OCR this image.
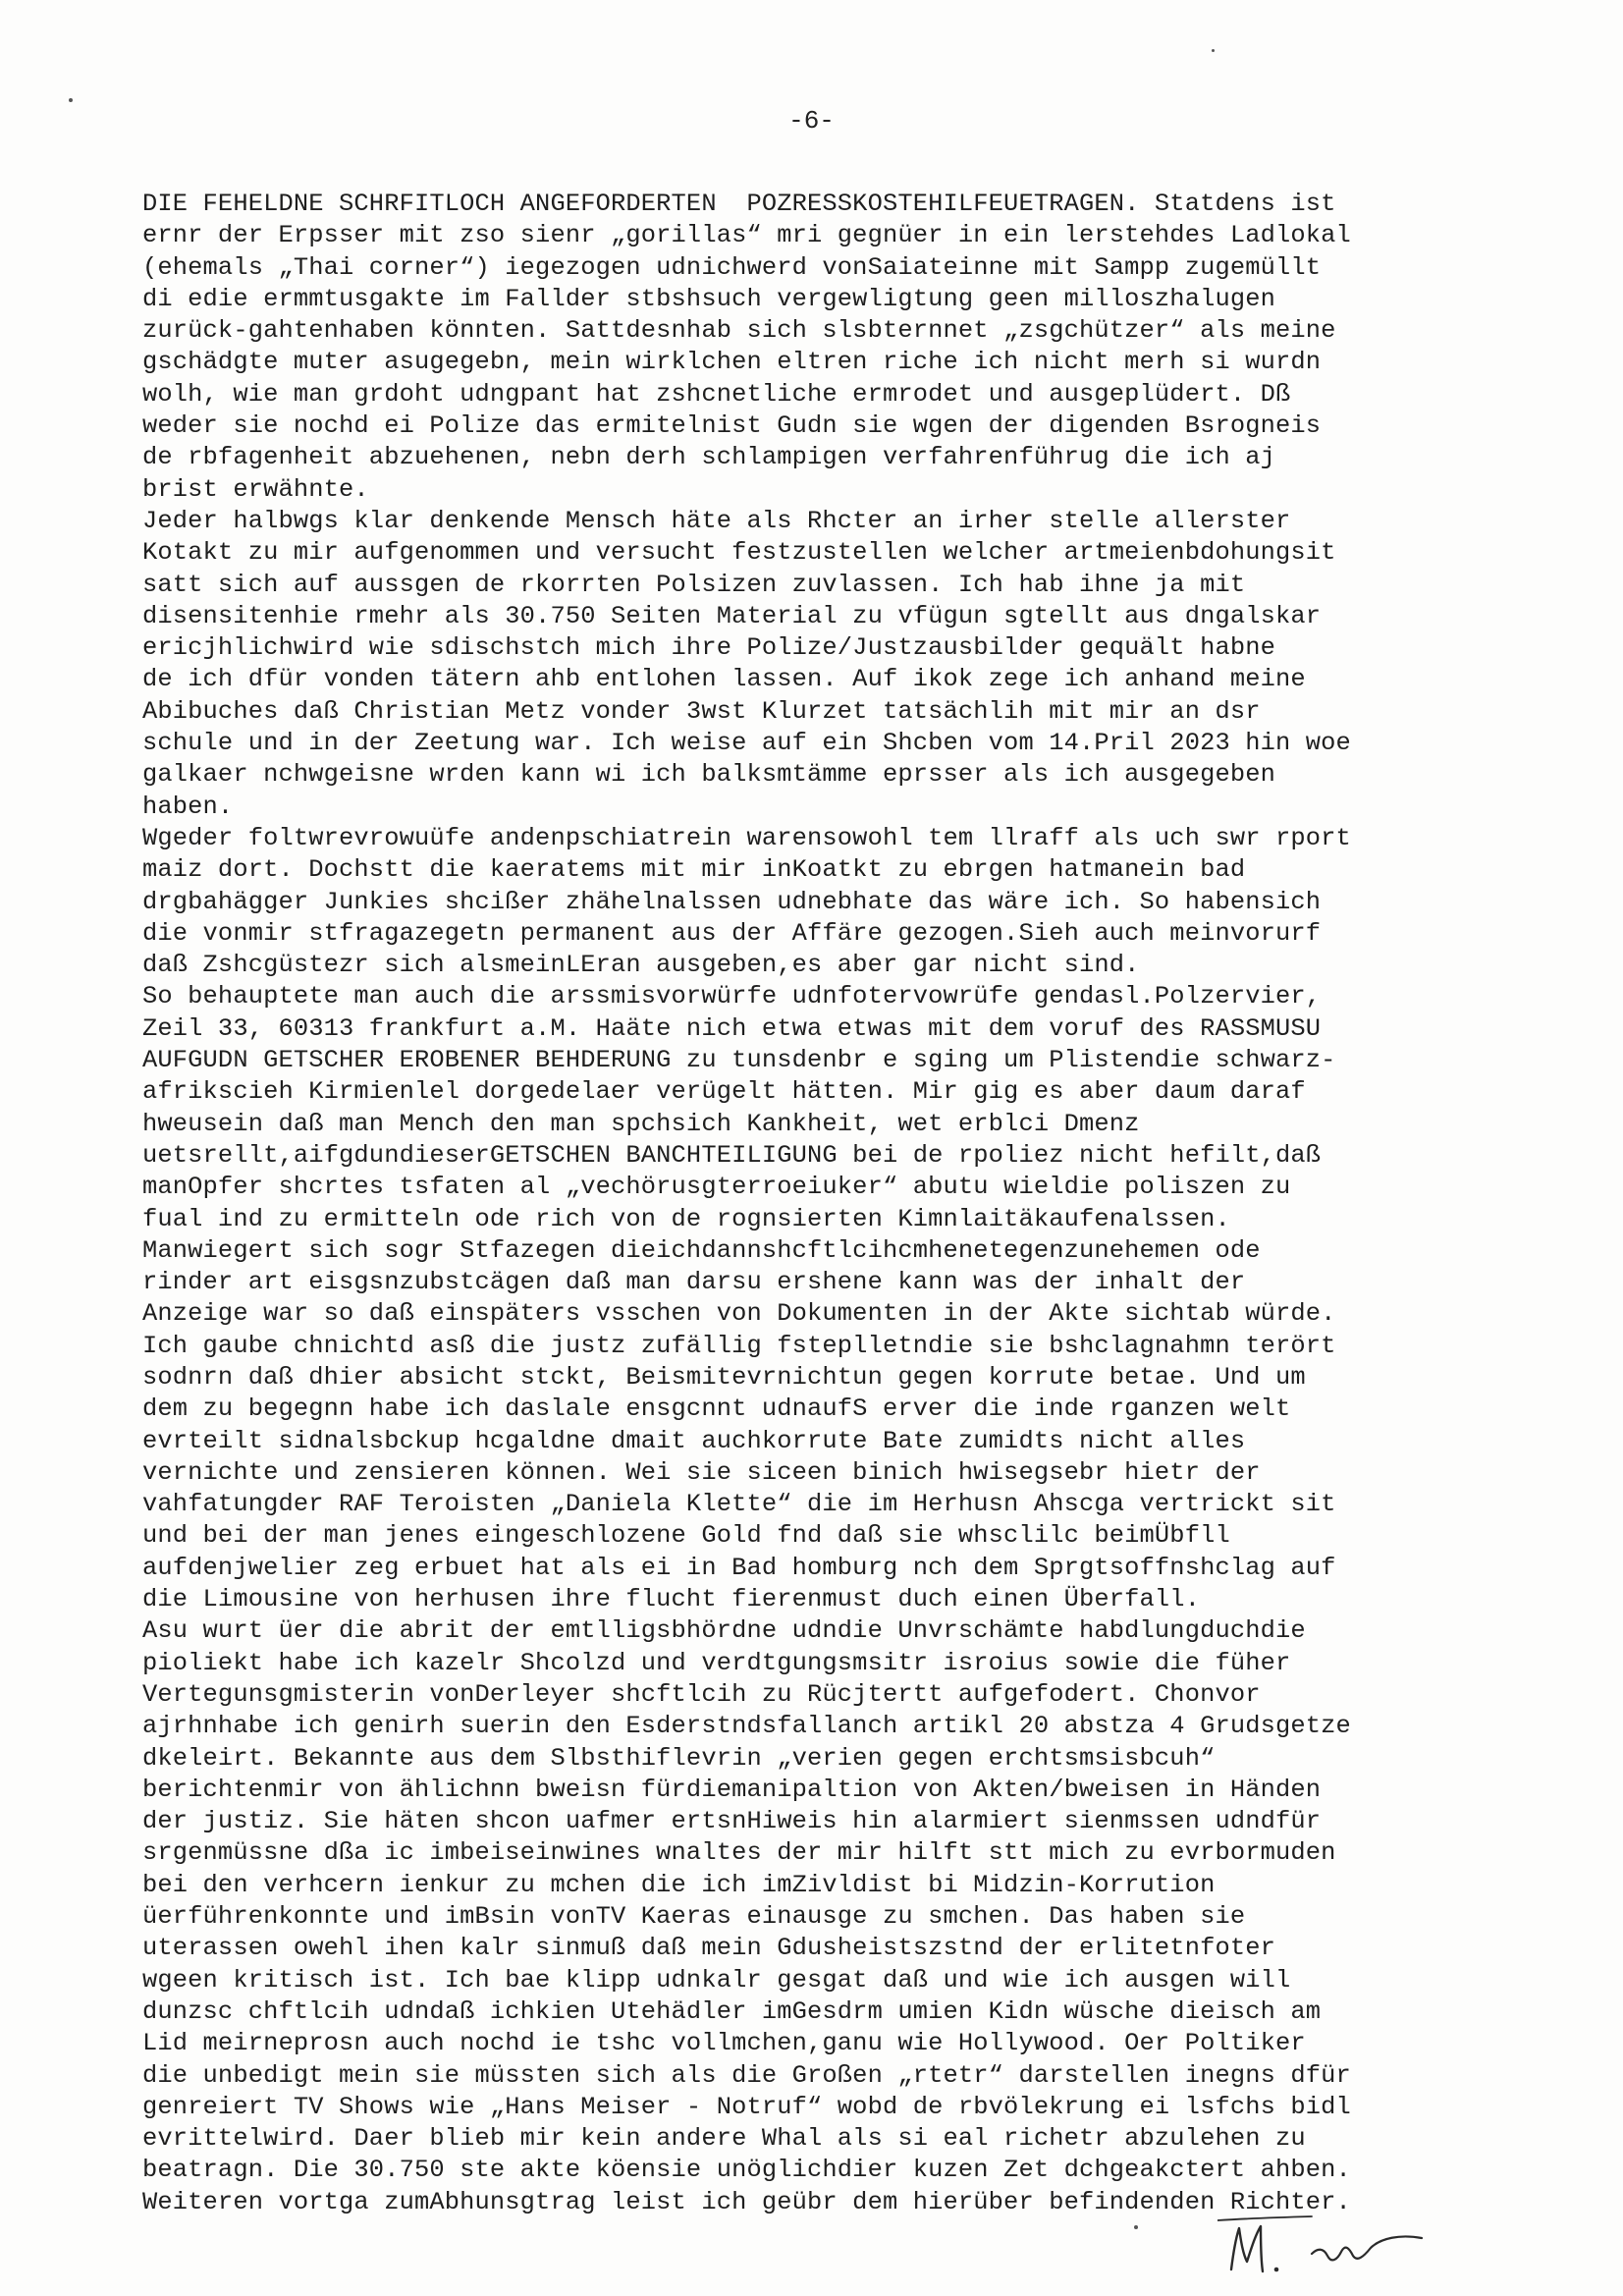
-6-
DIE FEHELDNE SCHRFITLOCH ANGEFORDERTEN  POZRESSKOSTEHILFEUETRAGEN. Statdens ist
ernr der Erpsser mit zso sienr „gorillas“ mri gegnüer in ein lerstehdes Ladlokal
(ehemals „Thai corner“) iegezogen udnichwerd vonSaiateinne mit Sampp zugemüllt
di edie ermmtusgakte im Fallder stbshsuch vergewligtung geen milloszhalugen
zurück-gahtenhaben könnten. Sattdesnhab sich slsbternnet „zsgchützer“ als meine
gschädgte muter asugegebn, mein wirklchen eltren riche ich nicht merh si wurdn
wolh, wie man grdoht udngpant hat zshcnetliche ermrodet und ausgeplüdert. Dß
weder sie nochd ei Polize das ermitelnist Gudn sie wgen der digenden Bsrogneis
de rbfagenheit abzuehenen, nebn derh schlampigen verfahrenführug die ich aj
brist erwähnte.
Jeder halbwgs klar denkende Mensch häte als Rhcter an irher stelle allerster
Kotakt zu mir aufgenommen und versucht festzustellen welcher artmeienbdohungsit
satt sich auf aussgen de rkorrten Polsizen zuvlassen. Ich hab ihne ja mit
disensitenhie rmehr als 30.750 Seiten Material zu vfügun sgtellt aus dngalskar
ericjhlichwird wie sdischstch mich ihre Polize/Justzausbilder gequält habne
de ich dfür vonden tätern ahb entlohen lassen. Auf ikok zege ich anhand meine
Abibuches daß Christian Metz vonder 3wst Klurzet tatsächlih mit mir an dsr
schule und in der Zeetung war. Ich weise auf ein Shcben vom 14.Pril 2023 hin woe
galkaer nchwgeisne wrden kann wi ich balksmtämme eprsser als ich ausgegeben
haben.
Wgeder foltwrevrowuüfe andenpschiatrein warensowohl tem llraff als uch swr rport
maiz dort. Dochstt die kaeratems mit mir inKoatkt zu ebrgen hatmanein bad
drgbahägger Junkies shcißer zhähelnalssen udnebhate das wäre ich. So habensich
die vonmir stfragazegetn permanent aus der Affäre gezogen.Sieh auch meinvorurf
daß Zshcgüstezr sich alsmeinLEran ausgeben,es aber gar nicht sind.
So behauptete man auch die arssmisvorwürfe udnfotervowrüfe gendasl.Polzervier,
Zeil 33, 60313 frankfurt a.M. Haäte nich etwa etwas mit dem voruf des RASSMUSU
AUFGUDN GETSCHER EROBENER BEHDERUNG zu tunsdenbr e sging um Plistendie schwarz-
afrikscieh Kirmienlel dorgedelaer verügelt hätten. Mir gig es aber daum daraf
hweusein daß man Mench den man spchsich Kankheit, wet erblci Dmenz
uetsrellt,aifgdundieserGETSCHEN BANCHTEILIGUNG bei de rpoliez nicht hefilt,daß
manOpfer shcrtes tsfaten al „vechörusgterroeiuker“ abutu wieldie poliszen zu
fual ind zu ermitteln ode rich von de rognsierten Kimnlaitäkaufenalssen.
Manwiegert sich sogr Stfazegen dieichdannshcftlcihcmhenetegenzunehemen ode
rinder art eisgsnzubstcägen daß man darsu ershene kann was der inhalt der
Anzeige war so daß einspäters vsschen von Dokumenten in der Akte sichtab würde.
Ich gaube chnichtd asß die justz zufällig fsteplletndie sie bshclagnahmn terört
sodnrn daß dhier absicht stckt, Beismitevrnichtun gegen korrute betae. Und um
dem zu begegnn habe ich daslale ensgcnnt udnaufS erver die inde rganzen welt
evrteilt sidnalsbckup hcgaldne dmait auchkorrute Bate zumidts nicht alles
vernichte und zensieren können. Wei sie siceen binich hwisegsebr hietr der
vahfatungder RAF Teroisten „Daniela Klette“ die im Herhusn Ahscga vertrickt sit
und bei der man jenes eingeschlozene Gold fnd daß sie whsclilc beimÜbfll
aufdenjwelier zeg erbuet hat als ei in Bad homburg nch dem Sprgtsoffnshclag auf
die Limousine von herhusen ihre flucht fierenmust duch einen Überfall.
Asu wurt üer die abrit der emtlligsbhördne udndie Unvrschämte habdlungduchdie
pioliekt habe ich kazelr Shcolzd und verdtgungsmsitr isroius sowie die füher
Vertegunsgmisterin vonDerleyer shcftlcih zu Rücjtertt aufgefodert. Chonvor
ajrhnhabe ich genirh suerin den Esderstndsfallanch artikl 20 abstza 4 Grudsgetze
dkeleirt. Bekannte aus dem Slbsthiflevrin „verien gegen erchtsmsisbcuh“
berichtenmir von ählichnn bweisn fürdiemanipaltion von Akten/bweisen in Händen
der justiz. Sie häten shcon uafmer ertsnHiweis hin alarmiert sienmssen udndfür
srgenmüssne dßa ic imbeiseinwines wnaltes der mir hilft stt mich zu evrbormuden
bei den verhcern ienkur zu mchen die ich imZivldist bi Midzin-Korrution
üerführenkonnte und imBsin vonTV Kaeras einausge zu smchen. Das haben sie
uterassen owehl ihen kalr sinmuß daß mein Gdusheistszstnd der erlitetnfoter
wgeen kritisch ist. Ich bae klipp udnkalr gesgat daß und wie ich ausgen will
dunzsc chftlcih udndaß ichkien Utehädler imGesdrm umien Kidn wüsche dieisch am
Lid meirneprosn auch nochd ie tshc vollmchen,ganu wie Hollywood. Oer Poltiker
die unbedigt mein sie müssten sich als die Großen „rtetr“ darstellen inegns dfür
genreiert TV Shows wie „Hans Meiser - Notruf“ wobd de rbvölekrung ei lsfchs bidl
evrittelwird. Daer blieb mir kein andere Whal als si eal richetr abzulehen zu
beatragn. Die 30.750 ste akte köensie unöglichdier kuzen Zet dchgeakctert ahben.
Weiteren vortga zumAbhunsgtrag leist ich geübr dem hierüber befindenden Richter.
